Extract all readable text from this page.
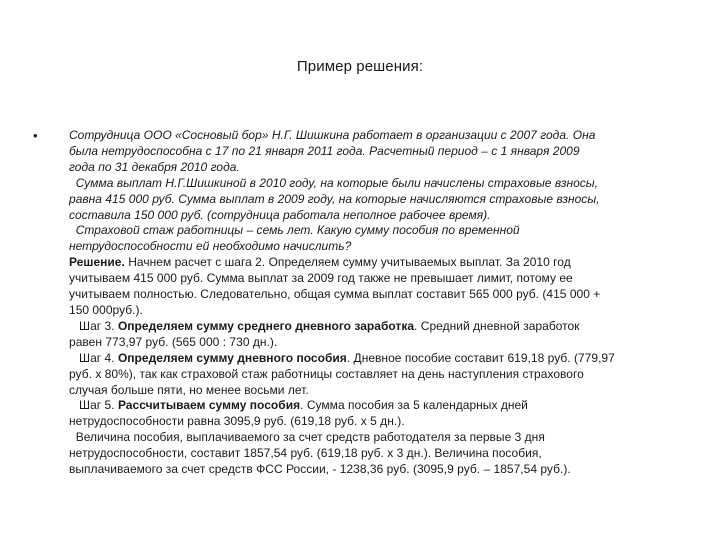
Пример решения:
•	Сотрудница ООО «Сосновый бор» Н.Г. Шишкина работает в организации с 2007 года. Она
была нетрудоспособна с 17 по 21 января 2011 года. Расчетный период – с 1 января 2009
года по 31 декабря 2010 года.
Сумма выплат Н.Г.Шишкиной в 2010 году, на которые были начислены страховые взносы,
равна 415 000 руб. Сумма выплат в 2009 году, на которые начисляются страховые взносы,
составила 150 000 руб. (сотрудница работала неполное рабочее время).
Страховой стаж работницы – семь лет. Какую сумму пособия по временной
нетрудоспособности ей необходимо начислить?
Решение. Начнем расчет с шага 2. Определяем сумму учитываемых выплат. За 2010 год
учитываем 415 000 руб. Сумма выплат за 2009 год также не превышает лимит, потому ее
учитываем полностью. Следовательно, общая сумма выплат составит 565 000 руб. (415 000 +
150 000руб.).
Шаг 3. Определяем сумму среднего дневного заработка. Средний дневной заработок
равен 773,97 руб. (565 000 : 730 дн.).
Шаг 4. Определяем сумму дневного пособия. Дневное пособие составит 619,18 руб. (779,97
руб. х 80%), так как страховой стаж работницы составляет на день наступления страхового
случая больше пяти, но менее восьми лет.
Шаг 5. Рассчитываем сумму пособия. Сумма пособия за 5 календарных дней
нетрудоспособности равна 3095,9 руб. (619,18 руб. х 5 дн.).
Величина пособия, выплачиваемого за счет средств работодателя за первые 3 дня
нетрудоспособности, составит 1857,54 руб. (619,18 руб. х 3 дн.). Величина пособия,
выплачиваемого за счет средств ФСС России, - 1238,36 руб. (3095,9 руб. – 1857,54 руб.).
